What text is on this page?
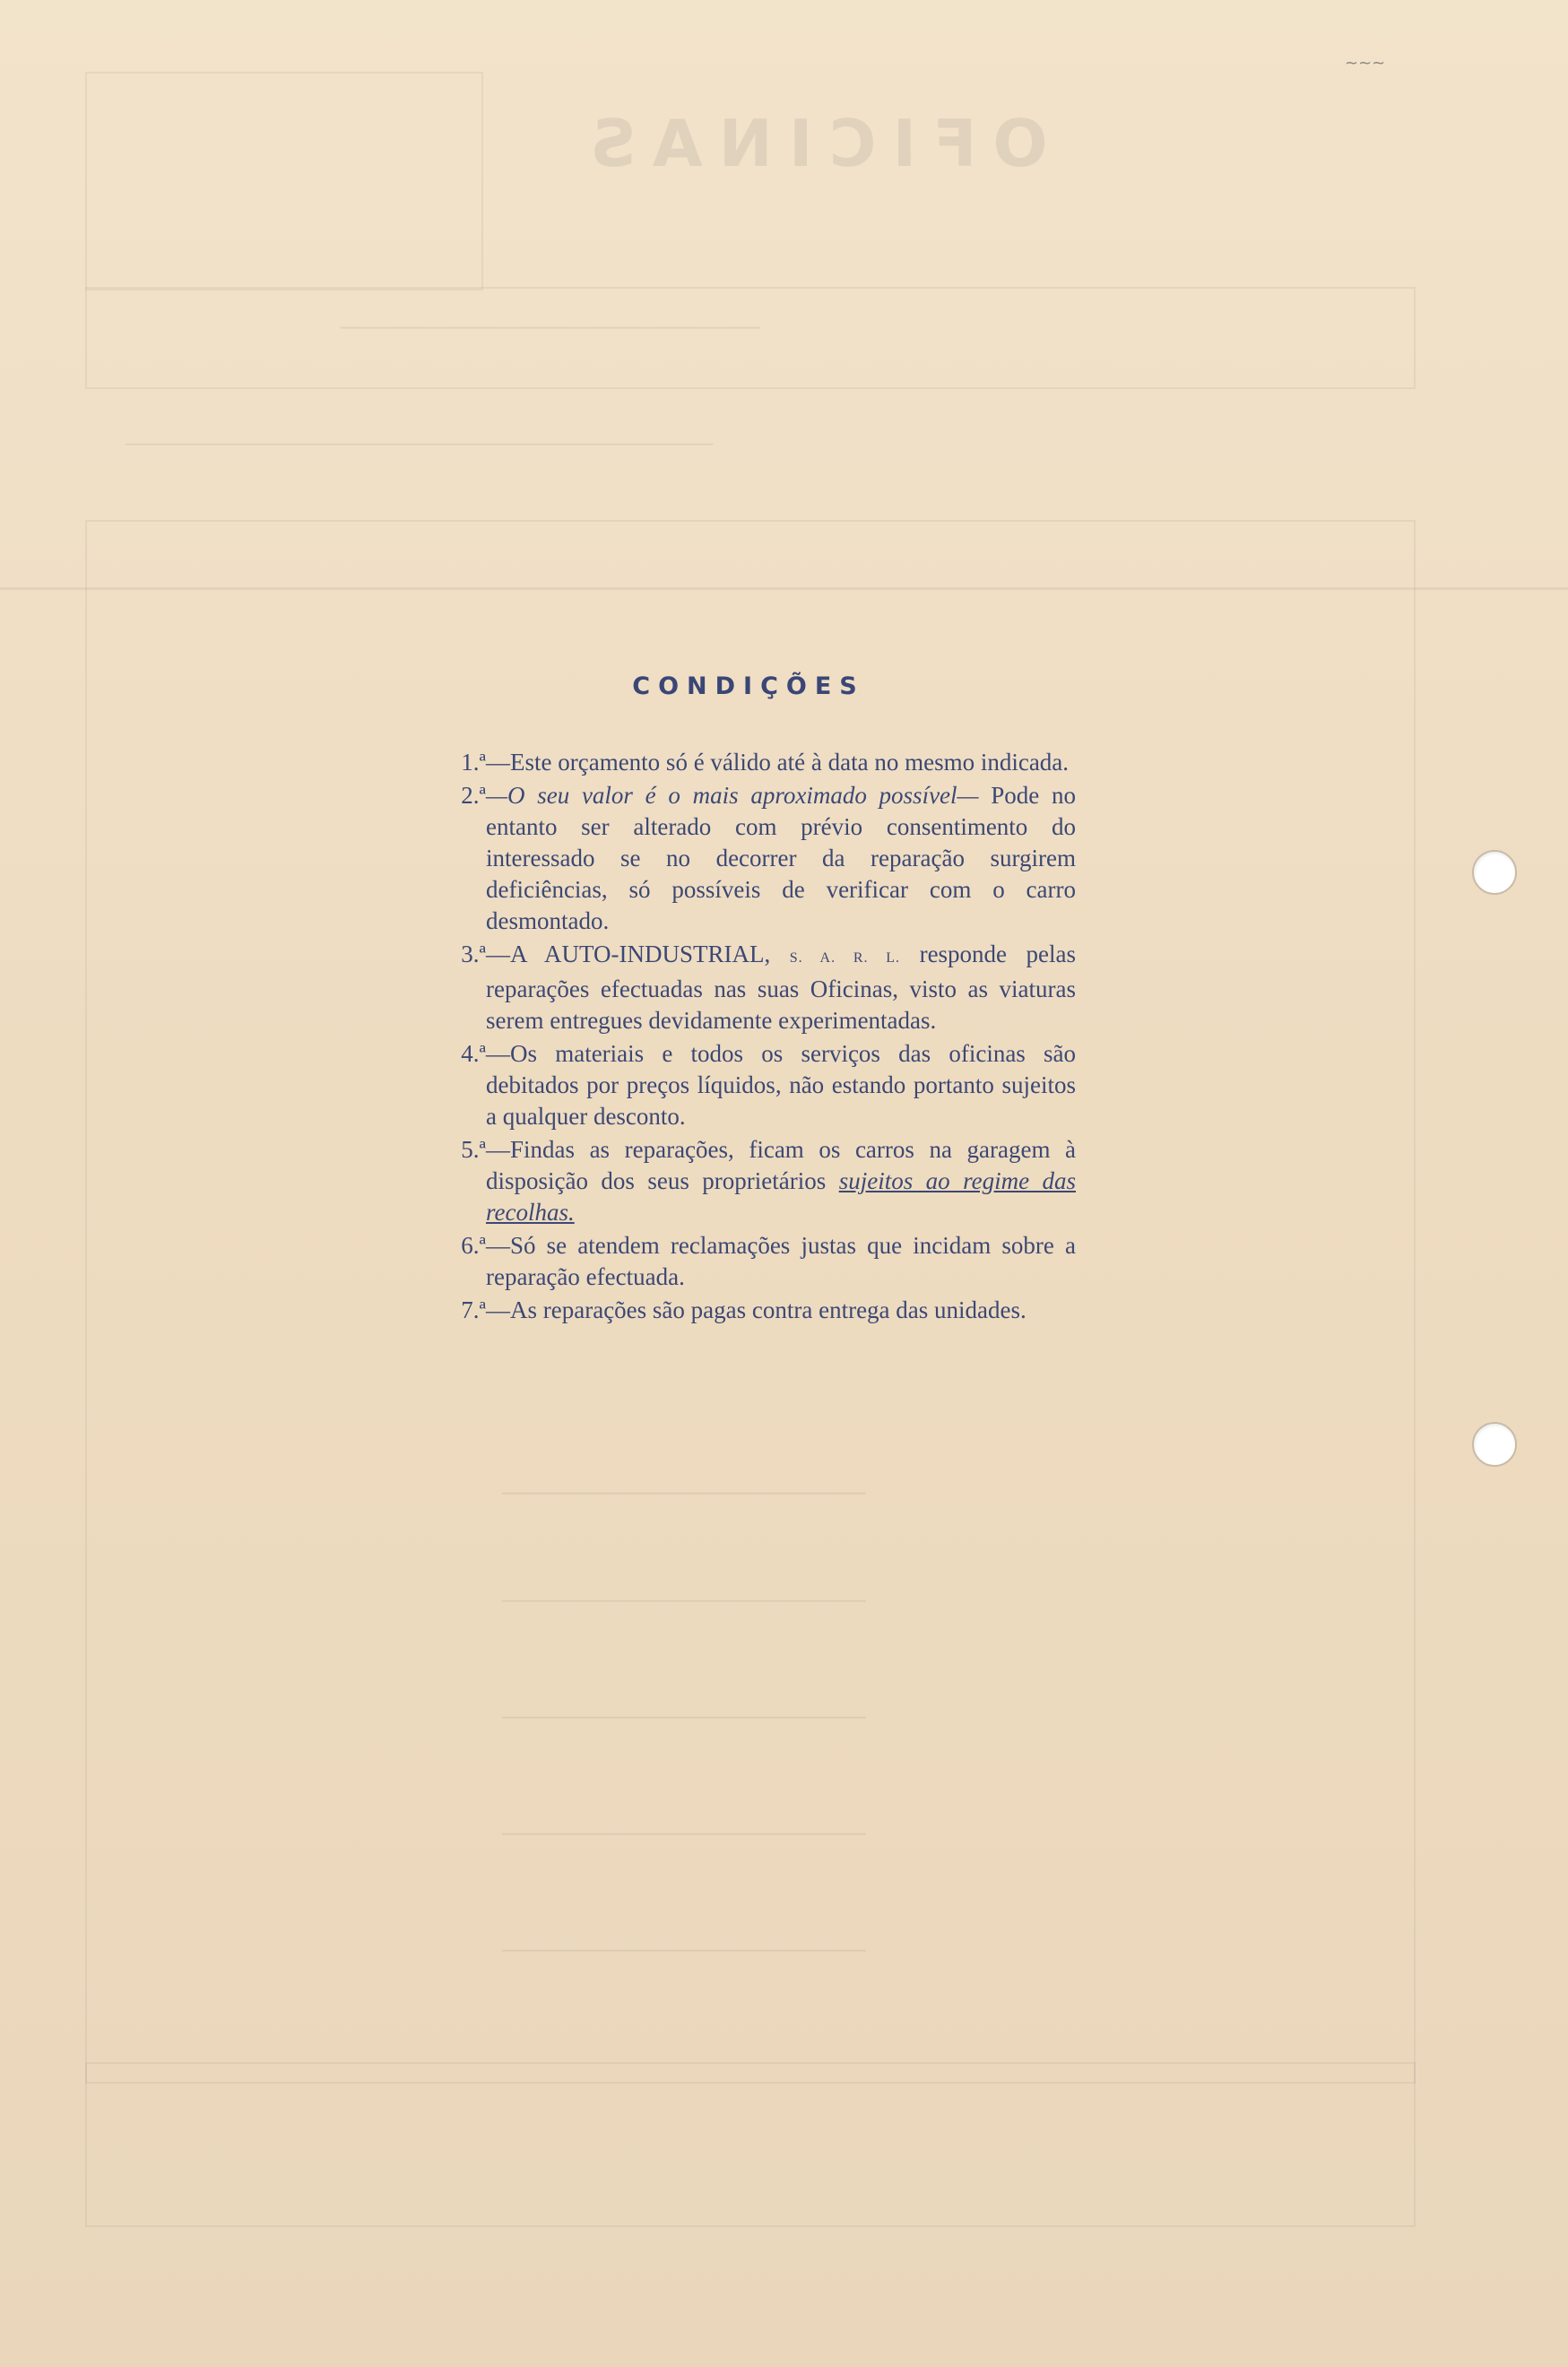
OFICINAS
——————————————————————————————
——————————————————————————————————————————
——————————————————————————
——————————————————————————
——————————————————————————
——————————————————————————
——————————————————————————
~~~
CONDIÇÕES
1.ª —Este orçamento só é válido até à data no mesmo indicada.
2.ª —O seu valor é o mais aproximado possível— Pode no entanto ser alterado com prévio consentimento do interessado se no decorrer da reparação surgirem deficiências, só possíveis de verificar com o carro desmontado.
3.ª —A AUTO-INDUSTRIAL, S. A. R. L. responde pelas reparações efectuadas nas suas Oficinas, visto as viaturas serem entregues devidamente experimentadas.
4.ª —Os materiais e todos os serviços das oficinas são debitados por preços líquidos, não estando portanto sujeitos a qualquer desconto.
5.ª —Findas as reparações, ficam os carros na garagem à disposição dos seus proprietários sujeitos ao regime das recolhas.
6.ª —Só se atendem reclamações justas que incidam sobre a reparação efectuada.
7.ª —As reparações são pagas contra entrega das unidades.
